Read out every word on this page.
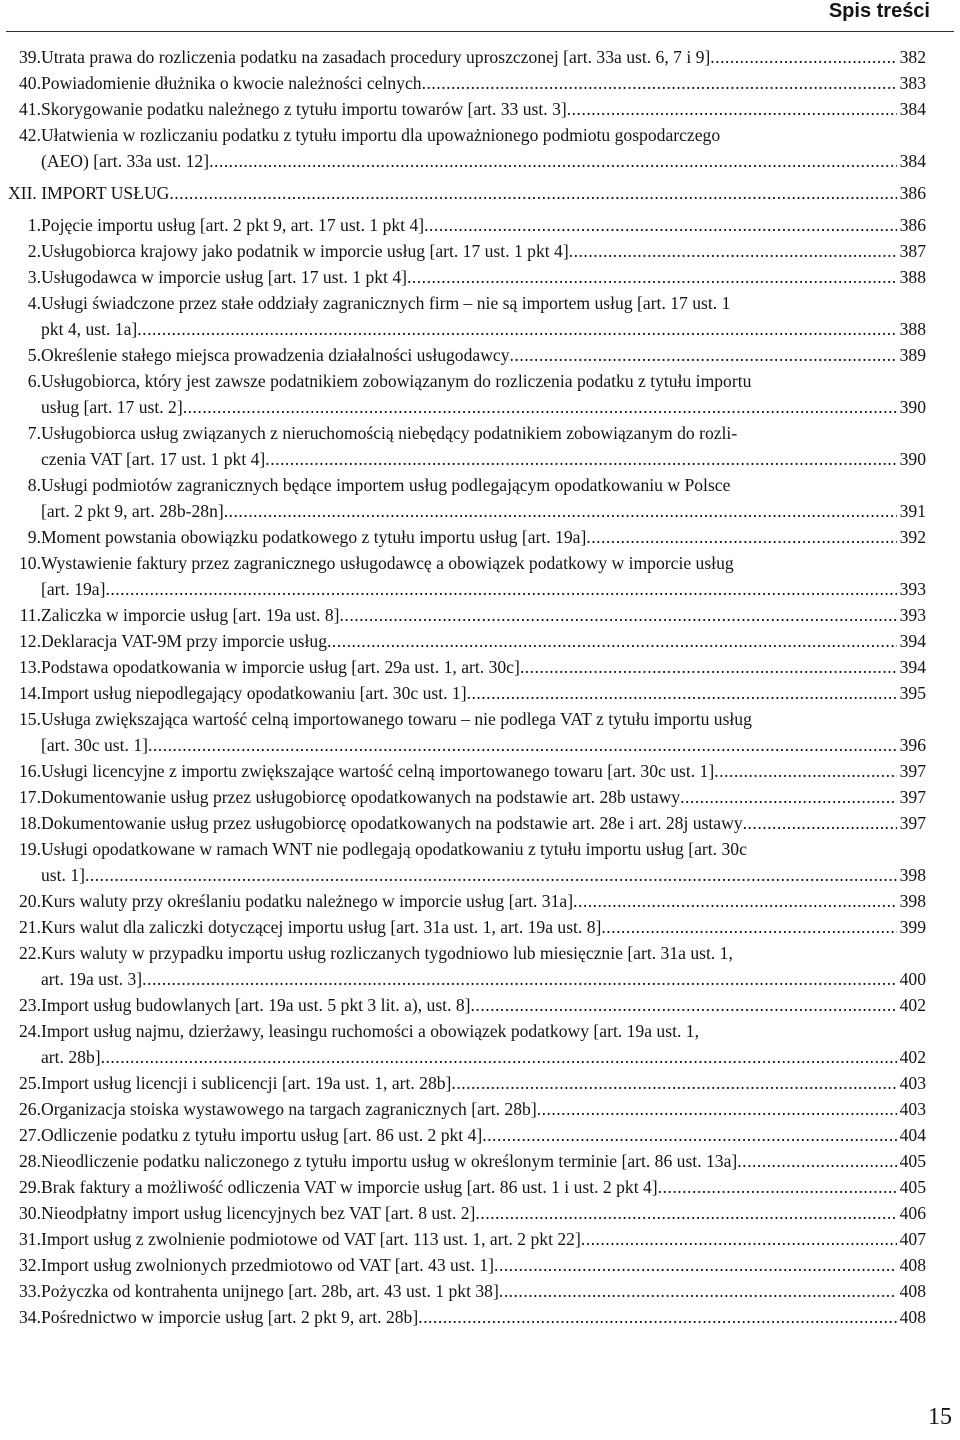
Spis treści
39. Utrata prawa do rozliczenia podatku na zasadach procedury uproszczonej [art. 33a ust. 6, 7 i 9] .....	382
40. Powiadomienie dłużnika o kwocie należności celnych .....	383
41. Skorygowanie podatku należnego z tytułu importu towarów [art. 33 ust. 3] .....	384
42. Ułatwienia w rozliczaniu podatku z tytułu importu dla upoważnionego podmiotu gospodarczego
(AEO) [art. 33a ust. 12] .....	384
XII. IMPORT USŁUG .....	386
1. Pojęcie importu usług [art. 2 pkt 9, art. 17 ust. 1 pkt 4] .....	386
2. Usługobiorca krajowy jako podatnik w imporcie usług [art. 17 ust. 1 pkt 4] .....	387
3. Usługodawca w imporcie usług [art. 17 ust. 1 pkt 4] .....	388
4. Usługi świadczone przez stałe oddziały zagranicznych firm – nie są importem usług [art. 17 ust. 1
pkt 4, ust. 1a] .....	388
5. Określenie stałego miejsca prowadzenia działalności usługodawcy .....	389
6. Usługobiorca, który jest zawsze podatnikiem zobowiązanym do rozliczenia podatku z tytułu importu
usług [art. 17 ust. 2] .....	390
7. Usługobiorca usług związanych z nieruchomością niebędący podatnikiem zobowiązanym do rozli-
czenia VAT [art. 17 ust. 1 pkt 4] .....	390
8. Usługi podmiotów zagranicznych będące importem usług podlegającym opodatkowaniu w Polsce
[art. 2 pkt 9, art. 28b-28n] .....	391
9. Moment powstania obowiązku podatkowego z tytułu importu usług [art. 19a] .....	392
10. Wystawienie faktury przez zagranicznego usługodawcę a obowiązek podatkowy w imporcie usług
[art. 19a] .....	393
11. Zaliczka w imporcie usług [art. 19a ust. 8] .....	393
12. Deklaracja VAT-9M przy imporcie usług .....	394
13. Podstawa opodatkowania w imporcie usług [art. 29a ust. 1, art. 30c] .....	394
14. Import usług niepodlegający opodatkowaniu [art. 30c ust. 1] .....	395
15. Usługa zwiększająca wartość celną importowanego towaru – nie podlega VAT z tytułu importu usług
[art. 30c ust. 1] .....	396
16. Usługi licencyjne z importu zwiększające wartość celną importowanego towaru [art. 30c ust. 1] .....	397
17. Dokumentowanie usług przez usługobiorcę opodatkowanych na podstawie art. 28b ustawy .....	397
18. Dokumentowanie usług przez usługobiorcę opodatkowanych na podstawie art. 28e i art. 28j ustawy .....	397
19. Usługi opodatkowane w ramach WNT nie podlegają opodatkowaniu z tytułu importu usług [art. 30c
ust. 1] .....	398
20. Kurs waluty przy określaniu podatku należnego w imporcie usług [art. 31a] .....	398
21. Kurs walut dla zaliczki dotyczącej importu usług [art. 31a ust. 1, art. 19a ust. 8] .....	399
22. Kurs waluty w przypadku importu usług rozliczanych tygodniowo lub miesięcznie [art. 31a ust. 1,
art. 19a ust. 3] .....	400
23. Import usług budowlanych [art. 19a ust. 5 pkt 3 lit. a), ust. 8] .....	402
24. Import usług najmu, dzierżawy, leasingu ruchomości a obowiązek podatkowy [art. 19a ust. 1,
art. 28b] .....	402
25. Import usług licencji i sublicencji [art. 19a ust. 1, art. 28b] .....	403
26. Organizacja stoiska wystawowego na targach zagranicznych [art. 28b] .....	403
27. Odliczenie podatku z tytułu importu usług [art. 86 ust. 2 pkt 4] .....	404
28. Nieodliczenie podatku naliczonego z tytułu importu usług w określonym terminie [art. 86 ust. 13a] .....	405
29. Brak faktury a możliwość odliczenia VAT w imporcie usług [art. 86 ust. 1 i ust. 2 pkt 4] .....	405
30. Nieodpłatny import usług licencyjnych bez VAT [art. 8 ust. 2] .....	406
31. Import usług z zwolnienie podmiotowe od VAT [art. 113 ust. 1, art. 2 pkt 22] .....	407
32. Import usług zwolnionych przedmiotowo od VAT [art. 43 ust. 1] .....	408
33. Pożyczka od kontrahenta unijnego [art. 28b, art. 43 ust. 1 pkt 38] .....	408
34. Pośrednictwo w imporcie usług [art. 2 pkt 9, art. 28b] .....	408
15
